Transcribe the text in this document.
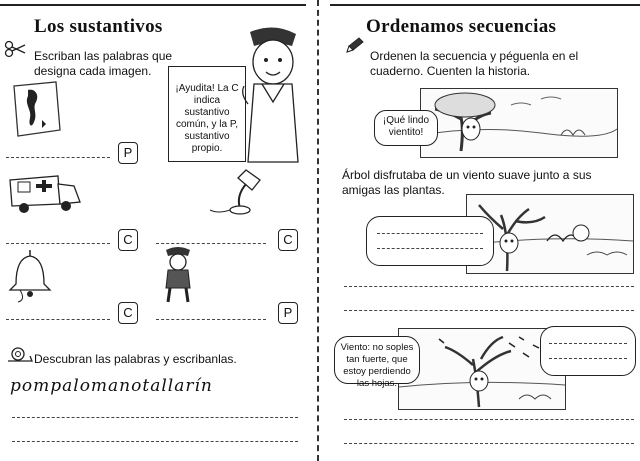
Los sustantivos
Escriban las palabras que designa cada imagen.
¡Ayudita! La C indica sustantivo común, y la P, sustantivo propio.
P
C	C
C	P
Descubran las palabras y escribanlas.
pompalomanotallarín
Ordenamos secuencias
Ordenen la secuencia y péguenla en el cuaderno. Cuenten la historia.
¡Qué lindo vientito!
Árbol disfrutaba de un viento suave junto a sus amigas las plantas.
Viento: no soples tan fuerte, que estoy perdiendo las hojas.
